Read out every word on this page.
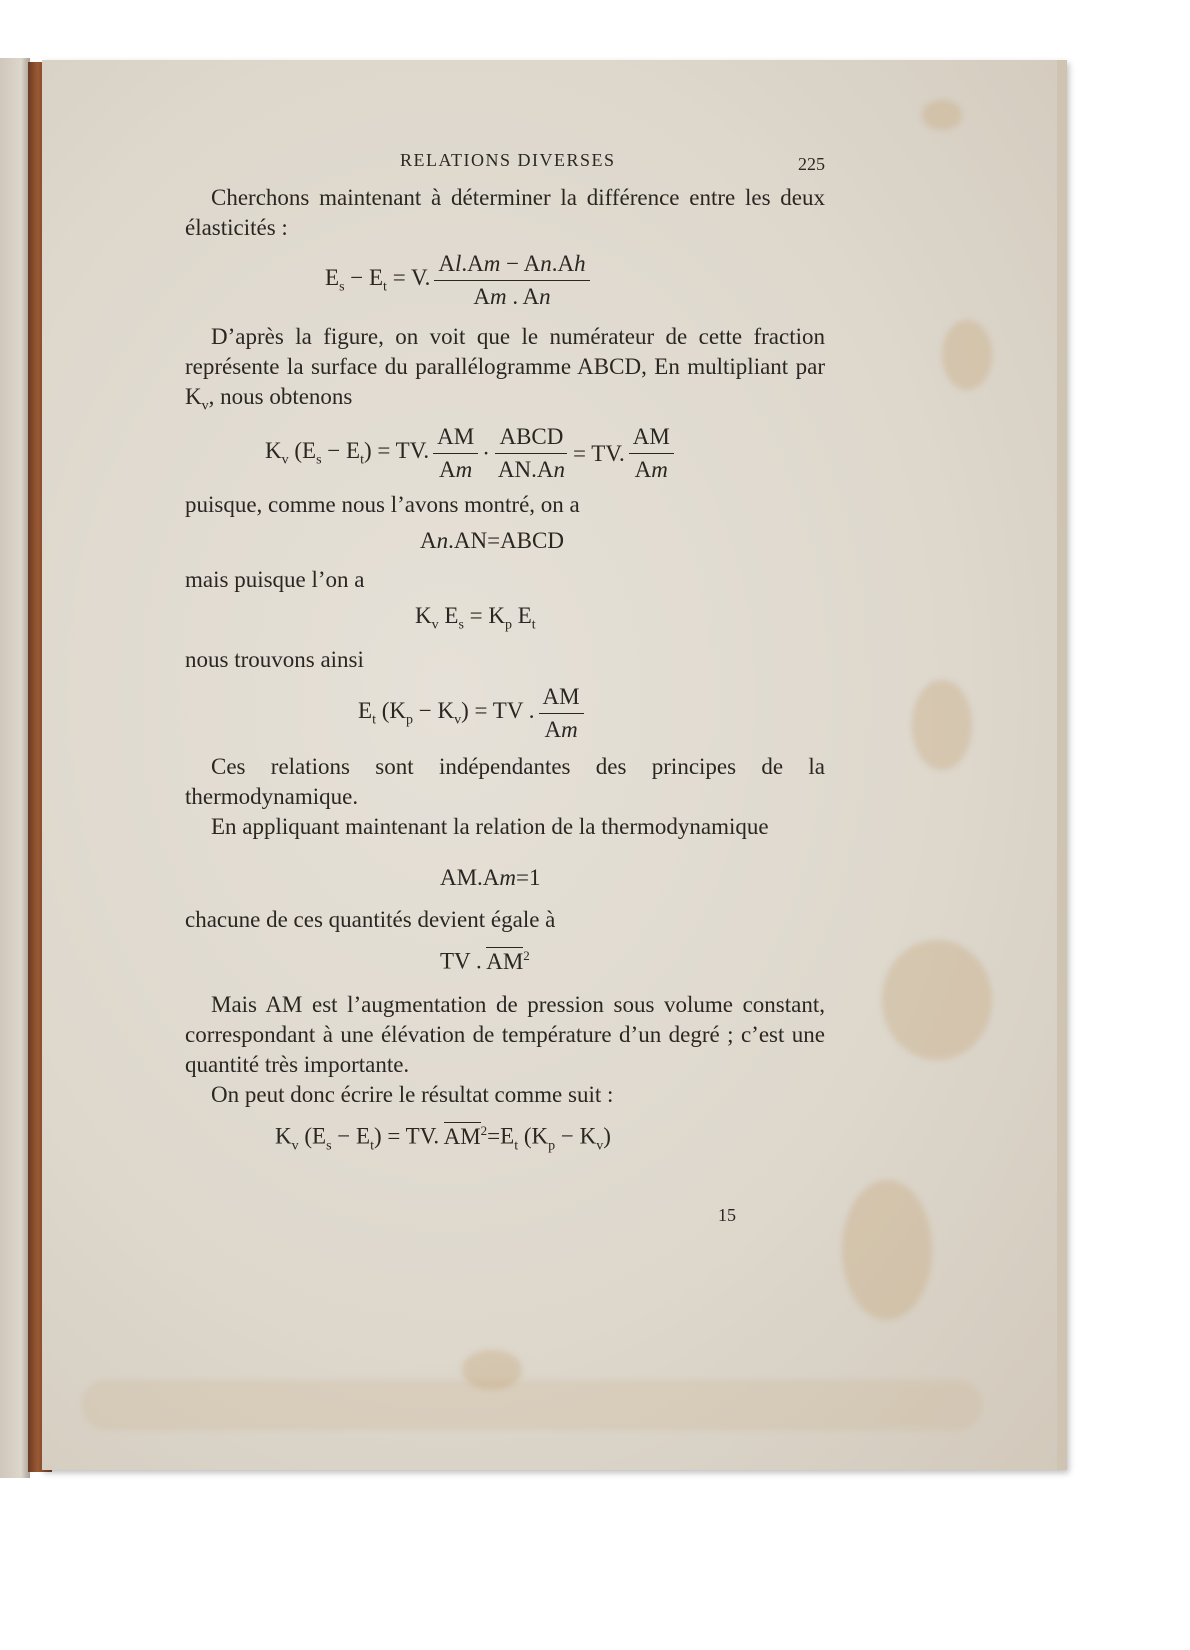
RELATIONS DIVERSES	225
Cherchons maintenant à déterminer la différence entre les deux élasticités :
$E_s - E_t = V$. $\frac{Al.Am - An.Ah}{Am . An}$
D’après la figure, on voit que le numérateur de cette fraction représente la surface du parallélogramme ABCD, En multipliant par $K_v$, nous obtenons
$K_v$ $(E_s - E_t)$ = TV. $\frac{AM}{Am} \cdot \frac{\text{ABCD}}{AN.An}$ = TV. $\frac{AM}{Am}$
puisque, comme nous l’avons montré, on a
An.AN=ABCD
mais puisque l’on a
$K_v$ $E_s = K_p$ $E_t$
nous trouvons ainsi
$E_t$ $(K_p - K_v)$ = TV . $\frac{AM}{Am}$
Ces relations sont indépendantes des principes de la thermodynamique.
En appliquant maintenant la relation de la thermodynamique
AM.Am=1
chacune de ces quantités devient égale à
TV . $AM^2$
Mais AM est l’augmentation de pression sous volume constant, correspondant à une élévation de température d’un degré ; c’est une quantité très importante.
On peut donc écrire le résultat comme suit :
$K_v$ $(E_s - E_t)$ = TV. $AM^2=E_t$ $(K_p - K_v)$
15
